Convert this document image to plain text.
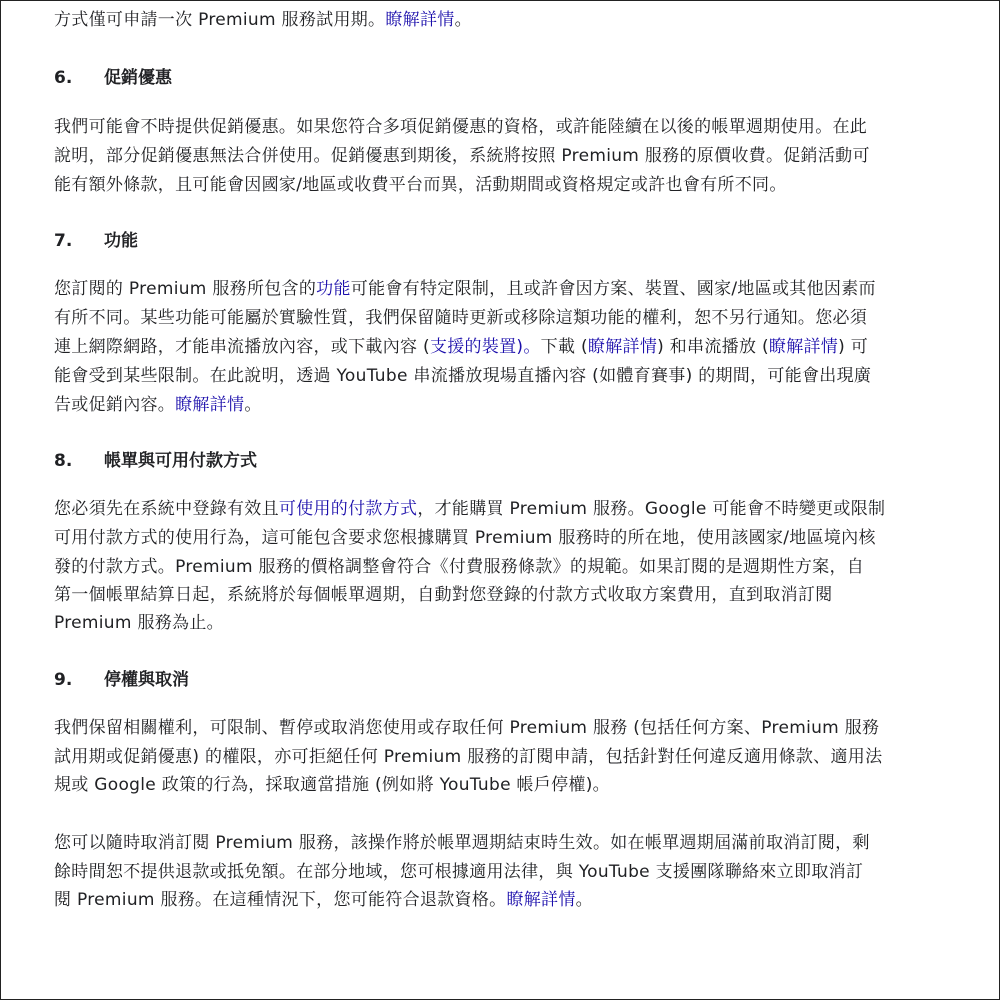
方式僅可申請一次 Premium 服務試用期。瞭解詳情。
6. 促銷優惠
我們可能會不時提供促銷優惠。如果您符合多項促銷優惠的資格，或許能陸續在以後的帳單週期使用。在此
說明，部分促銷優惠無法合併使用。促銷優惠到期後，系統將按照 Premium 服務的原價收費。促銷活動可
能有額外條款，且可能會因國家/地區或收費平台而異，活動期間或資格規定或許也會有所不同。
7. 功能
您訂閱的 Premium 服務所包含的功能可能會有特定限制，且或許會因方案、裝置、國家/地區或其他因素而
有所不同。某些功能可能屬於實驗性質，我們保留隨時更新或移除這類功能的權利，恕不另行通知。您必須
連上網際網路，才能串流播放內容，或下載內容 (支援的裝置)。下載 (瞭解詳情) 和串流播放 (瞭解詳情) 可
能會受到某些限制。在此說明，透過 YouTube 串流播放現場直播內容 (如體育賽事) 的期間，可能會出現廣
告或促銷內容。瞭解詳情。
8. 帳單與可用付款方式
您必須先在系統中登錄有效且可使用的付款方式，才能購買 Premium 服務。Google 可能會不時變更或限制
可用付款方式的使用行為，這可能包含要求您根據購買 Premium 服務時的所在地，使用該國家/地區境內核
發的付款方式。Premium 服務的價格調整會符合《付費服務條款》的規範。如果訂閱的是週期性方案，自
第一個帳單結算日起，系統將於每個帳單週期，自動對您登錄的付款方式收取方案費用，直到取消訂閱
Premium 服務為止。
9. 停權與取消
我們保留相關權利，可限制、暫停或取消您使用或存取任何 Premium 服務 (包括任何方案、Premium 服務
試用期或促銷優惠) 的權限，亦可拒絕任何 Premium 服務的訂閱申請，包括針對任何違反適用條款、適用法
規或 Google 政策的行為，採取適當措施 (例如將 YouTube 帳戶停權)。
您可以隨時取消訂閱 Premium 服務，該操作將於帳單週期結束時生效。如在帳單週期屆滿前取消訂閱，剩
餘時間恕不提供退款或抵免額。在部分地域，您可根據適用法律，與 YouTube 支援團隊聯絡來立即取消訂
閱 Premium 服務。在這種情況下，您可能符合退款資格。瞭解詳情。
